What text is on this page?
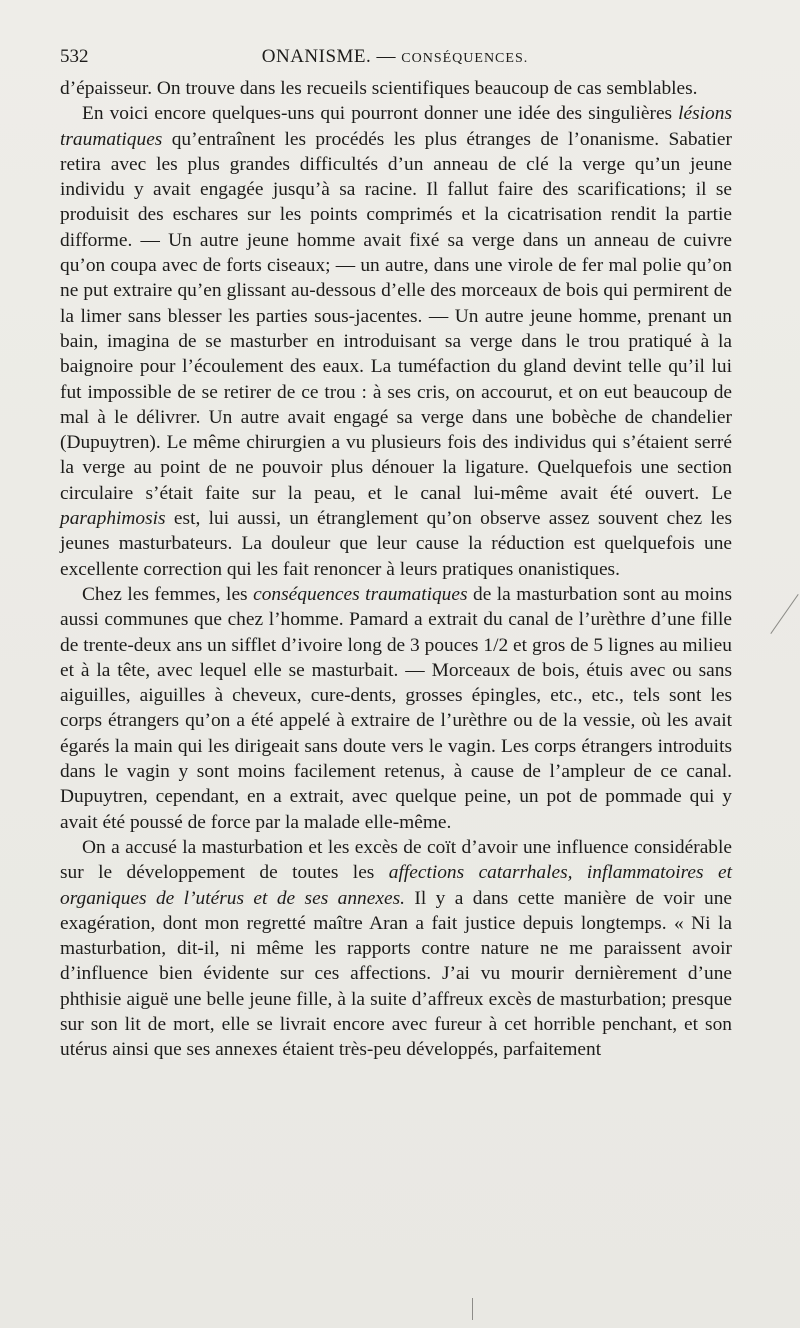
532	ONANISME. — CONSÉQUENCES.

d’épaisseur. On trouve dans les recueils scientifiques beaucoup de cas semblables.

En voici encore quelques-uns qui pourront donner une idée des singulières lésions traumatiques qu’entraînent les procédés les plus étranges de l’onanisme. Sabatier retira avec les plus grandes difficultés d’un anneau de clé la verge qu’un jeune individu y avait engagée jusqu’à sa racine. Il fallut faire des scarifications; il se produisit des eschares sur les points comprimés et la cicatrisation rendit la partie difforme. — Un autre jeune homme avait fixé sa verge dans un anneau de cuivre qu’on coupa avec de forts ciseaux; — un autre, dans une virole de fer mal polie qu’on ne put extraire qu’en glissant au-dessous d’elle des morceaux de bois qui permirent de la limer sans blesser les parties sous-jacentes. — Un autre jeune homme, prenant un bain, imagina de se masturber en introduisant sa verge dans le trou pratiqué à la baignoire pour l’écoulement des eaux. La tuméfaction du gland devint telle qu’il lui fut impossible de se retirer de ce trou : à ses cris, on accourut, et on eut beaucoup de mal à le délivrer. Un autre avait engagé sa verge dans une bobèche de chandelier (Dupuytren). Le même chirurgien a vu plusieurs fois des individus qui s’étaient serré la verge au point de ne pouvoir plus dénouer la ligature. Quelquefois une section circulaire s’était faite sur la peau, et le canal lui-même avait été ouvert. Le paraphimosis est, lui aussi, un étranglement qu’on observe assez souvent chez les jeunes masturbateurs. La douleur que leur cause la réduction est quelquefois une excellente correction qui les fait renoncer à leurs pratiques onanistiques.

Chez les femmes, les conséquences traumatiques de la masturbation sont au moins aussi communes que chez l’homme. Pamard a extrait du canal de l’urèthre d’une fille de trente-deux ans un sifflet d’ivoire long de 3 pouces 1/2 et gros de 5 lignes au milieu et à la tête, avec lequel elle se masturbait. — Morceaux de bois, étuis avec ou sans aiguilles, aiguilles à cheveux, cure-dents, grosses épingles, etc., etc., tels sont les corps étrangers qu’on a été appelé à extraire de l’urèthre ou de la vessie, où les avait égarés la main qui les dirigeait sans doute vers le vagin. Les corps étrangers introduits dans le vagin y sont moins facilement retenus, à cause de l’ampleur de ce canal. Dupuytren, cependant, en a extrait, avec quelque peine, un pot de pommade qui y avait été poussé de force par la malade elle-même.

On a accusé la masturbation et les excès de coït d’avoir une influence considérable sur le développement de toutes les affections catarrhales, inflammatoires et organiques de l’utérus et de ses annexes. Il y a dans cette manière de voir une exagération, dont mon regretté maître Aran a fait justice depuis longtemps. « Ni la masturbation, dit-il, ni même les rapports contre nature ne me paraissent avoir d’influence bien évidente sur ces affections. J’ai vu mourir dernièrement d’une phthisie aiguë une belle jeune fille, à la suite d’affreux excès de masturbation; presque sur son lit de mort, elle se livrait encore avec fureur à cet horrible penchant, et son utérus ainsi que ses annexes étaient très-peu développés, parfaitement
